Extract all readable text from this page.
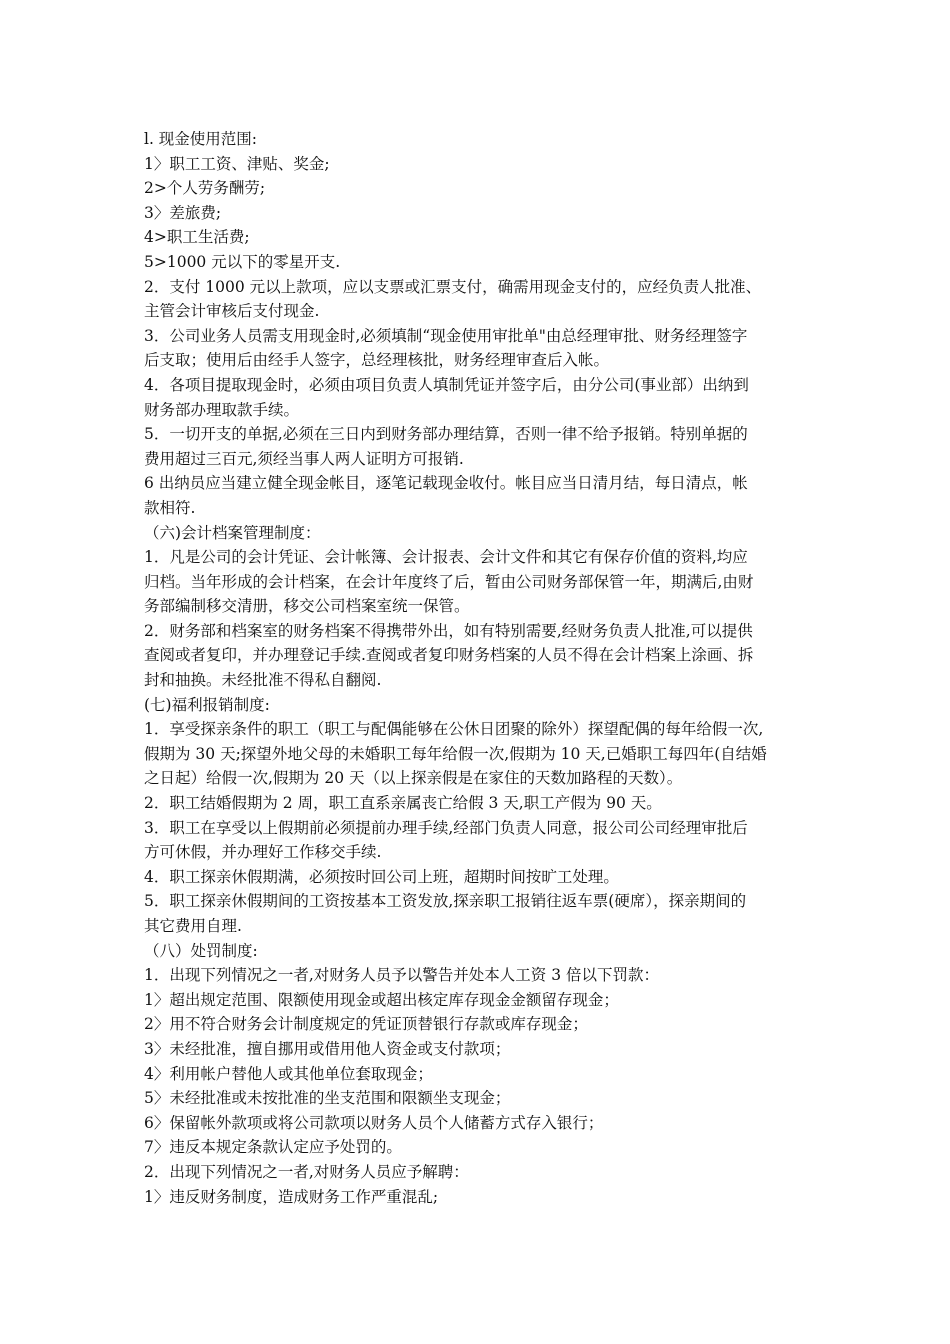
l. 现金使用范围:
1〉职工工资、津贴、奖金;
2>个人劳务酬劳;
3〉差旅费;
4>职工生活费;
5>1000 元以下的零星开支.
2．支付 1000 元以上款项，应以支票或汇票支付，确需用现金支付的，应经负责人批准、
主管会计审核后支付现金.
3．公司业务人员需支用现金时,必须填制“现金使用审批单"由总经理审批、财务经理签字
后支取；使用后由经手人签字，总经理核批，财务经理审查后入帐。
4．各项目提取现金时，必须由项目负责人填制凭证并签字后，由分公司(事业部）出纳到
财务部办理取款手续。
5．一切开支的单据,必须在三日内到财务部办理结算，否则一律不给予报销。特别单据的
费用超过三百元,须经当事人两人证明方可报销.
6 出纳员应当建立健全现金帐目，逐笔记载现金收付。帐目应当日清月结，每日清点，帐
款相符.
（六)会计档案管理制度：
1．凡是公司的会计凭证、会计帐簿、会计报表、会计文件和其它有保存价值的资料,均应
归档。当年形成的会计档案，在会计年度终了后，暂由公司财务部保管一年，期满后,由财
务部编制移交清册，移交公司档案室统一保管。
2．财务部和档案室的财务档案不得携带外出，如有特别需要,经财务负责人批准,可以提供
查阅或者复印，并办理登记手续.查阅或者复印财务档案的人员不得在会计档案上涂画、拆
封和抽换。未经批准不得私自翻阅.
(七)福利报销制度:
1．享受探亲条件的职工（职工与配偶能够在公休日团聚的除外）探望配偶的每年给假一次,
假期为 30 天;探望外地父母的未婚职工每年给假一次,假期为 10 天,已婚职工每四年(自结婚
之日起）给假一次,假期为 20 天（以上探亲假是在家住的天数加路程的天数）。
2．职工结婚假期为 2 周，职工直系亲属丧亡给假 3 天,职工产假为 90 天。
3．职工在享受以上假期前必须提前办理手续,经部门负责人同意，报公司公司经理审批后
方可休假，并办理好工作移交手续.
4．职工探亲休假期满，必须按时回公司上班，超期时间按旷工处理。
5．职工探亲休假期间的工资按基本工资发放,探亲职工报销往返车票(硬席），探亲期间的
其它费用自理.
（八）处罚制度:
1．出现下列情况之一者,对财务人员予以警告并处本人工资 3 倍以下罚款：
1〉超出规定范围、限额使用现金或超出核定库存现金金额留存现金；
2〉用不符合财务会计制度规定的凭证顶替银行存款或库存现金；
3〉未经批准，擅自挪用或借用他人资金或支付款项；
4〉利用帐户替他人或其他单位套取现金；
5〉未经批准或未按批准的坐支范围和限额坐支现金；
6〉保留帐外款项或将公司款项以财务人员个人储蓄方式存入银行；
7〉违反本规定条款认定应予处罚的。
2．出现下列情况之一者,对财务人员应予解聘：
1〉违反财务制度，造成财务工作严重混乱;
